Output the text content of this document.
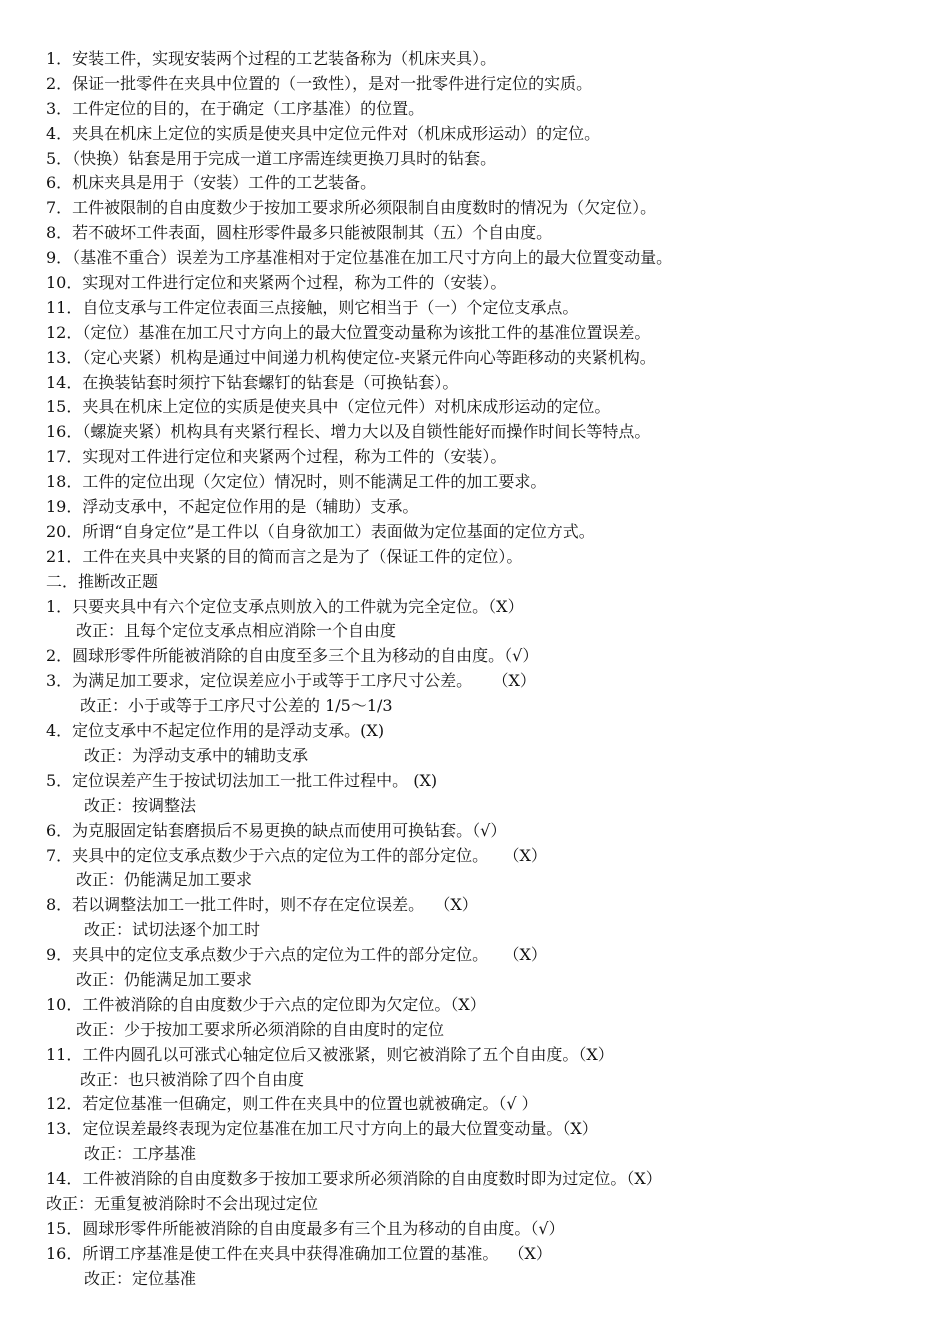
1．安装工件，实现安装两个过程的工艺装备称为（机床夹具）。
2．保证一批零件在夹具中位置的（一致性），是对一批零件进行定位的实质。
3．工件定位的目的，在于确定（工序基准）的位置。
4．夹具在机床上定位的实质是使夹具中定位元件对（机床成形运动）的定位。
5．（快换）钻套是用于完成一道工序需连续更换刀具时的钻套。
6．机床夹具是用于（安装）工件的工艺装备。
7．工件被限制的自由度数少于按加工要求所必须限制自由度数时的情况为（欠定位）。
8．若不破坏工件表面，圆柱形零件最多只能被限制其（五）个自由度。
9．（基准不重合）误差为工序基准相对于定位基准在加工尺寸方向上的最大位置变动量。
10．实现对工件进行定位和夹紧两个过程，称为工件的（安装）。
11．自位支承与工件定位表面三点接触，则它相当于（一）个定位支承点。
12．（定位）基准在加工尺寸方向上的最大位置变动量称为该批工件的基准位置误差。
13．（定心夹紧）机构是通过中间递力机构使定位-夹紧元件向心等距移动的夹紧机构。
14．在换装钻套时须拧下钻套螺钉的钻套是（可换钻套）。
15．夹具在机床上定位的实质是使夹具中（定位元件）对机床成形运动的定位。
16．（螺旋夹紧）机构具有夹紧行程长、增力大以及自锁性能好而操作时间长等特点。
17．实现对工件进行定位和夹紧两个过程，称为工件的（安装）。
18．工件的定位出现（欠定位）情况时，则不能满足工件的加工要求。
19．浮动支承中，不起定位作用的是（辅助）支承。
20．所谓“自身定位”是工件以（自身欲加工）表面做为定位基面的定位方式。
21．工件在夹具中夹紧的目的简而言之是为了（保证工件的定位）。
二．推断改正题
1．只要夹具中有六个定位支承点则放入的工件就为完全定位。（X）
改正：且每个定位支承点相应消除一个自由度
2．圆球形零件所能被消除的自由度至多三个且为移动的自由度。（√）
3．为满足加工要求，定位误差应小于或等于工序尺寸公差。    （X）
改正：小于或等于工序尺寸公差的 1/5～1/3
4．定位支承中不起定位作用的是浮动支承。(X)
改正：为浮动支承中的辅助支承
5．定位误差产生于按试切法加工一批工件过程中。 (X)
改正：按调整法
6．为克服固定钻套磨损后不易更换的缺点而使用可换钻套。（√）
7．夹具中的定位支承点数少于六点的定位为工件的部分定位。   （X）
改正：仍能满足加工要求
8．若以调整法加工一批工件时，则不存在定位误差。  （X）
改正：试切法逐个加工时
9．夹具中的定位支承点数少于六点的定位为工件的部分定位。   （X）
改正：仍能满足加工要求
10．工件被消除的自由度数少于六点的定位即为欠定位。（X）
改正：少于按加工要求所必须消除的自由度时的定位
11．工件内圆孔以可涨式心轴定位后又被涨紧，则它被消除了五个自由度。（X）
改正：也只被消除了四个自由度
12．若定位基准一但确定，则工件在夹具中的位置也就被确定。（√ ）
13．定位误差最终表现为定位基准在加工尺寸方向上的最大位置变动量。（X）
改正：工序基准
14．工件被消除的自由度数多于按加工要求所必须消除的自由度数时即为过定位。（X）
改正：无重复被消除时不会出现过定位
15．圆球形零件所能被消除的自由度最多有三个且为移动的自由度。（√）
16．所谓工序基准是使工件在夹具中获得准确加工位置的基准。  （X）
改正：定位基准
